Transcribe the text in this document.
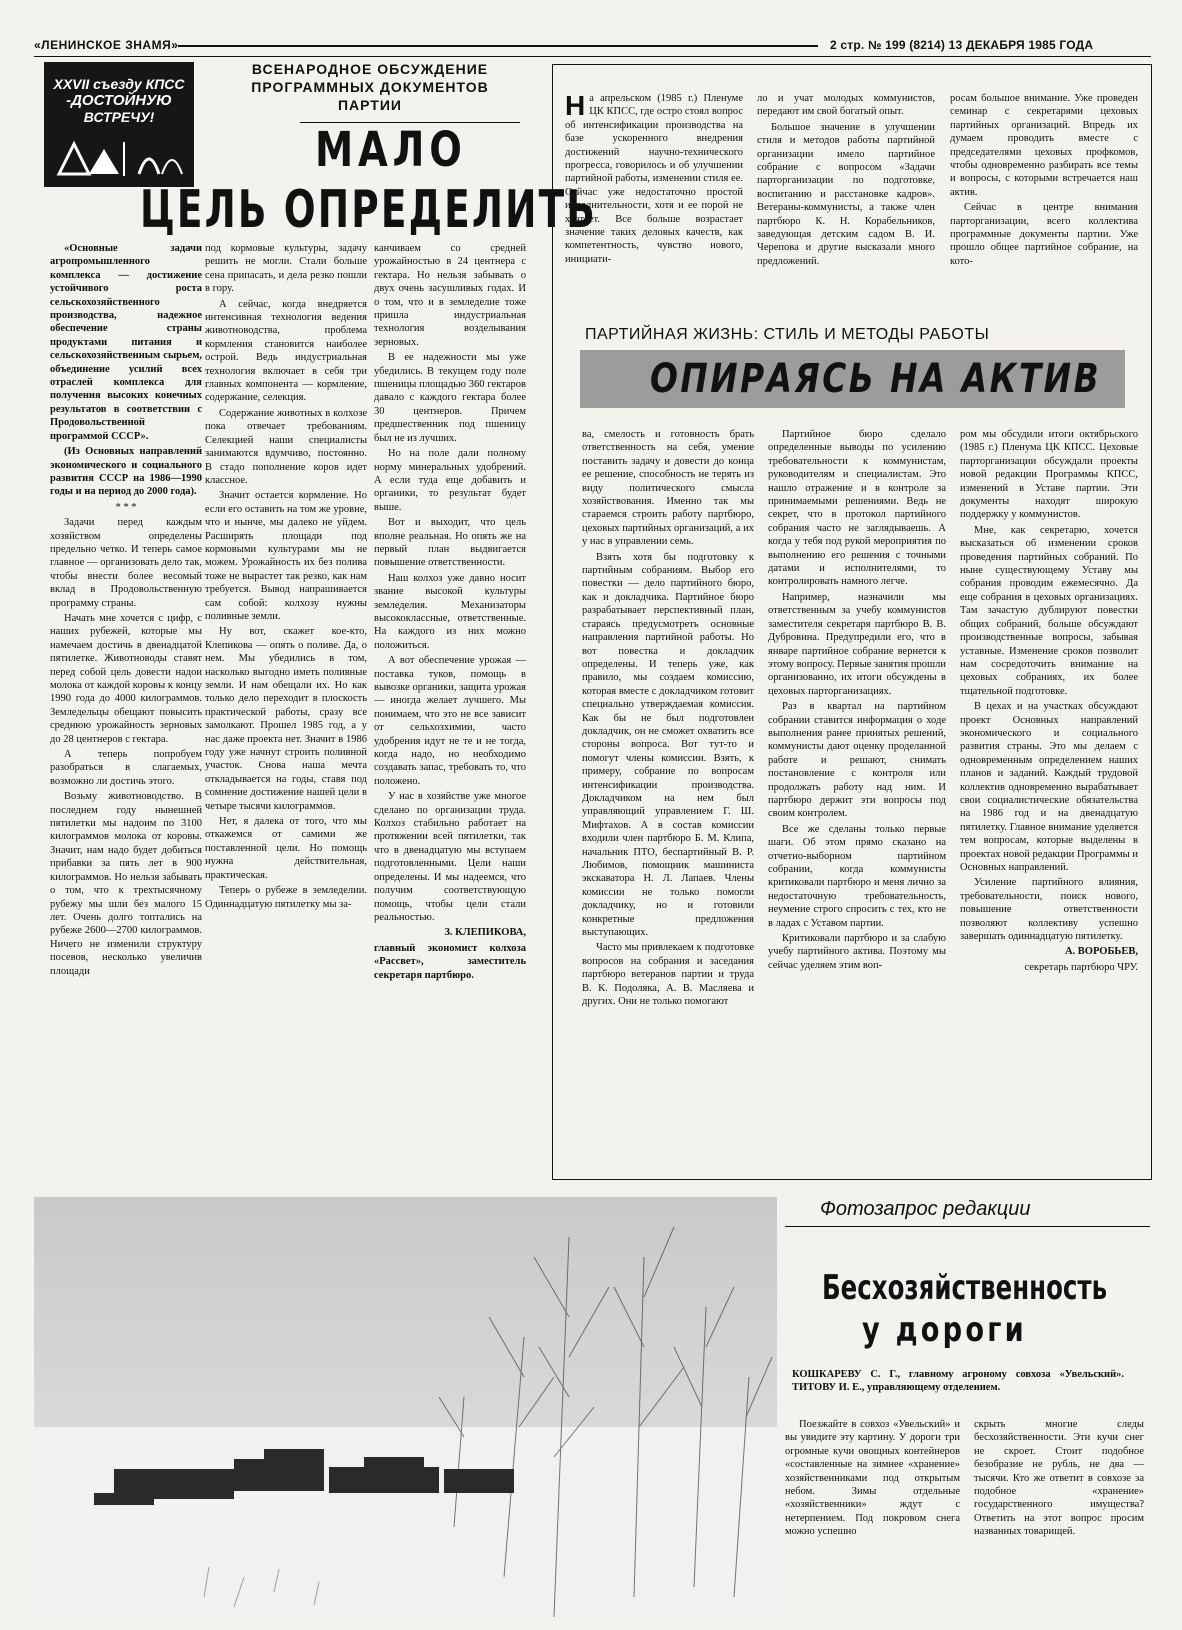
«ЛЕНИНСКОЕ ЗНАМЯ»	2 стр. № 199 (8214) 13 ДЕКАБРЯ 1985 ГОДА
XXVII съезду КПСС
-ДОСТОЙНУЮ
ВСТРЕЧУ!
ВСЕНАРОДНОЕ ОБСУЖДЕНИЕ ПРОГРАММНЫХ ДОКУМЕНТОВ ПАРТИИ
МАЛО
ЦЕЛЬ ОПРЕДЕЛИТЬ

«Основные задачи агропромышленного комплекса — достижение устойчивого роста сельскохозяйственного производства, надежное обеспечение страны продуктами питания и сельскохозяйственным сырьем, объединение усилий всех отраслей комплекса для получения высоких конечных результатов в соответствии с Продовольственной программой СССР».

(Из Основных направлений экономического и социального развития СССР на 1986—1990 годы и на период до 2000 года).

* * *

Задачи перед каждым хозяйством определены предельно четко. И теперь самое главное — организовать дело так, чтобы внести более весомый вклад в Продовольственную программу страны.

Начать мне хочется с цифр, с наших рубежей, которые мы намечаем достичь в двенадцатой пятилетке. Животноводы ставят перед собой цель довести надои молока от каждой коровы к концу 1990 года до 4000 килограммов. Земледельцы обещают повысить среднюю урожайность зерновых до 28 центнеров с гектара.

А теперь попробуем разобраться в слагаемых, возможно ли достичь этого.

Возьму животноводство. В последнем году нынешней пятилетки мы надоим по 3100 килограммов молока от коровы. Значит, нам надо будет добиться прибавки за пять лет в 900 килограммов. Но нельзя забывать о том, что к трехтысячному рубежу мы шли без малого 15 лет. Очень долго топтались на рубеже 2600—2700 килограммов. Ничего не изменили структуру посевов, несколько увеличив площади

под кормовые культуры, задачу решить не могли. Стали больше сена припасать, и дела резко пошли в гору.

А сейчас, когда внедряется интенсивная технология ведения животноводства, проблема кормления становится наиболее острой. Ведь индустриальная технология включает в себя три главных компонента — кормление, содержание, селекция.

Содержание животных в колхозе пока отвечает требованиям. Селекцией наши специалисты занимаются вдумчиво, постоянно. В стадо пополнение коров идет классное.

Значит остается кормление. Но если его оставить на том же уровне, что и нынче, мы далеко не уйдем. Расширять площади под кормовыми культурами мы не можем. Урожайность их без полива тоже не вырастет так резко, как нам требуется. Вывод напрашивается сам собой: колхозу нужны поливные земли.

Ну вот, скажет кое-кто, Клепикова — опять о поливе. Да, о нем. Мы убедились в том, насколько выгодно иметь поливные земли. И нам обещали их. Но как только дело переходит в плоскость практической работы, сразу все замолкают. Прошел 1985 год, а у нас даже проекта нет. Значит в 1986 году уже начнут строить поливной участок. Снова наша мечта откладывается на годы, ставя под сомнение достижение нашей цели в четыре тысячи килограммов.

Нет, я далека от того, что мы откажемся от самими же поставленной цели. Но помощь нужна действительная, практическая.

Теперь о рубеже в земледелии. Одиннадцатую пятилетку мы за-

канчиваем со средней урожайностью в 24 центнера с гектара. Но нельзя забывать о двух очень засушливых годах. И о том, что и в земледелие тоже пришла индустриальная технология возделывания зерновых.

В ее надежности мы уже убедились. В текущем году поле пшеницы площадью 360 гектаров давало с каждого гектара более 30 центнеров. Причем предшественник под пшеницу был не из лучших.

Но на поле дали полному норму минеральных удобрений. А если туда еще добавить и органики, то результат будет выше.

Вот и выходит, что цель вполне реальная. Но опять же на первый план выдвигается повышение ответственности.

Наш колхоз уже давно носит звание высокой культуры земледелия. Механизаторы высококлассные, ответственные. На каждого из них можно положиться.

А вот обеспечение урожая — поставка туков, помощь в вывозке органики, защита урожая — иногда желает лучшего. Мы понимаем, что это не все зависит от сельхозхимии, часто удобрения идут не те и не тогда, когда надо, но необходимо создавать запас, требовать то, что положено.

У нас в хозяйстве уже многое сделано по организации труда. Колхоз стабильно работает на протяжении всей пятилетки, так что в двенадцатую мы вступаем подготовленными. Цели наши определены. И мы надеемся, что получим соответствующую помощь, чтобы цели стали реальностью.

З. КЛЕПИКОВА,

главный экономист колхоза «Рассвет», заместитель секретаря партбюро.

На апрельском (1985 г.) Пленуме ЦК КПСС, где остро стоял вопрос об интенсификации производства на базе ускоренного внедрения достижений научно-технического прогресса, говорилось и об улучшении партийной работы, изменении стиля ее. Сейчас уже недостаточно простой исполнительности, хотя и ее порой не хватает. Все больше возрастает значение таких деловых качеств, как компетентность, чувство нового, инициати-

ло и учат молодых коммунистов, передают им свой богатый опыт.

Большое значение в улучшении стиля и методов работы партийной организации имело партийное собрание с вопросом «Задачи парторганизации по подготовке, воспитанию и расстановке кадров». Ветераны-коммунисты, а также член партбюро К. Н. Корабельников, заведующая детским садом В. И. Черепова и другие высказали много предложений.

росам большое внимание. Уже проведен семинар с секретарями цеховых партийных организаций. Впредь их думаем проводить вместе с председателями цеховых профкомов, чтобы одновременно разбирать все темы и вопросы, с которыми встречается наш актив.

Сейчас в центре внимания парторганизации, всего коллектива программные документы партии. Уже прошло общее партийное собрание, на кото-

ПАРТИЙНАЯ ЖИЗНЬ: СТИЛЬ И МЕТОДЫ РАБОТЫ
ОПИРАЯСЬ НА АКТИВ

ва, смелость и готовность брать ответственность на себя, умение поставить задачу и довести до конца ее решение, способность не терять из виду политического смысла хозяйствования. Именно так мы стараемся строить работу партбюро, цеховых партийных организаций, а их у нас в управлении семь.

Взять хотя бы подготовку к партийным собраниям. Выбор его повестки — дело партийного бюро, как и докладчика. Партийное бюро разрабатывает перспективный план, стараясь предусмотреть основные направления партийной работы. Но вот повестка и докладчик определены. И теперь уже, как правило, мы создаем комиссию, которая вместе с докладчиком готовит специально утверждаемая комиссия. Как бы не был подготовлен докладчик, он не сможет охватить все стороны вопроса. Вот тут-то и помогут члены комиссии. Взять, к примеру, собрание по вопросам интенсификации производства. Докладчиком на нем был управляющий управлением Г. Ш. Мифтахов. А в состав комиссии входили член партбюро Б. М. Клипа, начальник ПТО, беспартийный В. Р. Любимов, помощник машиниста экскаватора Н. Л. Лапаев. Члены комиссии не только помогли докладчику, но и готовили конкретные предложения выступающих.

Часто мы привлекаем к подготовке вопросов на собрания и заседания партбюро ветеранов партии и труда В. К. Подоляка, А. В. Масляева и других. Они не только помогают

Партийное бюро сделало определенные выводы по усилению требовательности к коммунистам, руководителям и специалистам. Это нашло отражение и в контроле за принимаемыми решениями. Ведь не секрет, что в протокол партийного собрания часто не заглядываешь. А когда у тебя под рукой мероприятия по выполнению его решения с точными датами и исполнителями, то контролировать намного легче.

Например, назначили мы ответственным за учебу коммунистов заместителя секретаря партбюро В. В. Дубровина. Предупредили его, что в январе партийное собрание вернется к этому вопросу. Первые занятия прошли организованно, их итоги обсуждены в цеховых парторганизациях.

Раз в квартал на партийном собрании ставится информация о ходе выполнения ранее принятых решений, коммунисты дают оценку проделанной работе и решают, снимать постановление с контроля или продолжать работу над ним. И партбюро держит эти вопросы под своим контролем.

Все же сделаны только первые шаги. Об этом прямо сказано на отчетно-выборном партийном собрании, когда коммунисты критиковали партбюро и меня лично за недостаточную требовательность, неумение строго спросить с тех, кто не в ладах с Уставом партии.

Критиковали партбюро и за слабую учебу партийного актива. Поэтому мы сейчас уделяем этим воп-

ром мы обсудили итоги октябрьского (1985 г.) Пленума ЦК КПСС. Цеховые парторганизации обсуждали проекты новой редакции Программы КПСС, изменений в Уставе партии. Эти документы находят широкую поддержку у коммунистов.

Мне, как секретарю, хочется высказаться об изменении сроков проведения партийных собраний. По ныне существующему Уставу мы собрания проводим ежемесячно. Да еще собрания в цеховых организациях. Там зачастую дублируют повестки общих собраний, больше обсуждают производственные вопросы, забывая уставные. Изменение сроков позволит нам сосредоточить внимание на цеховых собраниях, их более тщательной подготовке.

В цехах и на участках обсуждают проект Основных направлений экономического и социального развития страны. Это мы делаем с одновременным определением наших планов и заданий. Каждый трудовой коллектив одновременно вырабатывает свои социалистические обязательства на 1986 год и на двенадцатую пятилетку. Главное внимание уделяется тем вопросам, которые выделены в проектах новой редакции Программы и Основных направлений.

Усиление партийного влияния, требовательности, поиск нового, повышение ответственности позволяют коллективу успешно завершать одиннадцатую пятилетку.

А. ВОРОБЬЕВ,

секретарь партбюро ЧРУ.

Фотозапрос редакции
Бесхозяйственность
у дороги

КОШКАРЕВУ С. Г., главному агроному совхоза «Увельский». ТИТОВУ И. Е., управляющему отделением.

Поезжайте в совхоз «Увельский» и вы увидите эту картину. У дороги три огромные кучи овощных контейнеров «составленные на зимнее «хранение» хозяйственниками под открытым небом. Зимы отдельные «хозяйственники» ждут с нетерпением. Под покровом снега можно успешно

скрыть многие следы бесхозяйственности. Эти кучи снег не скроет. Стоит подобное безобразие не рубль, не два — тысячи. Кто же ответит в совхозе за подобное «хранение» государственного имущества? Ответить на этот вопрос просим названных товарищей.
